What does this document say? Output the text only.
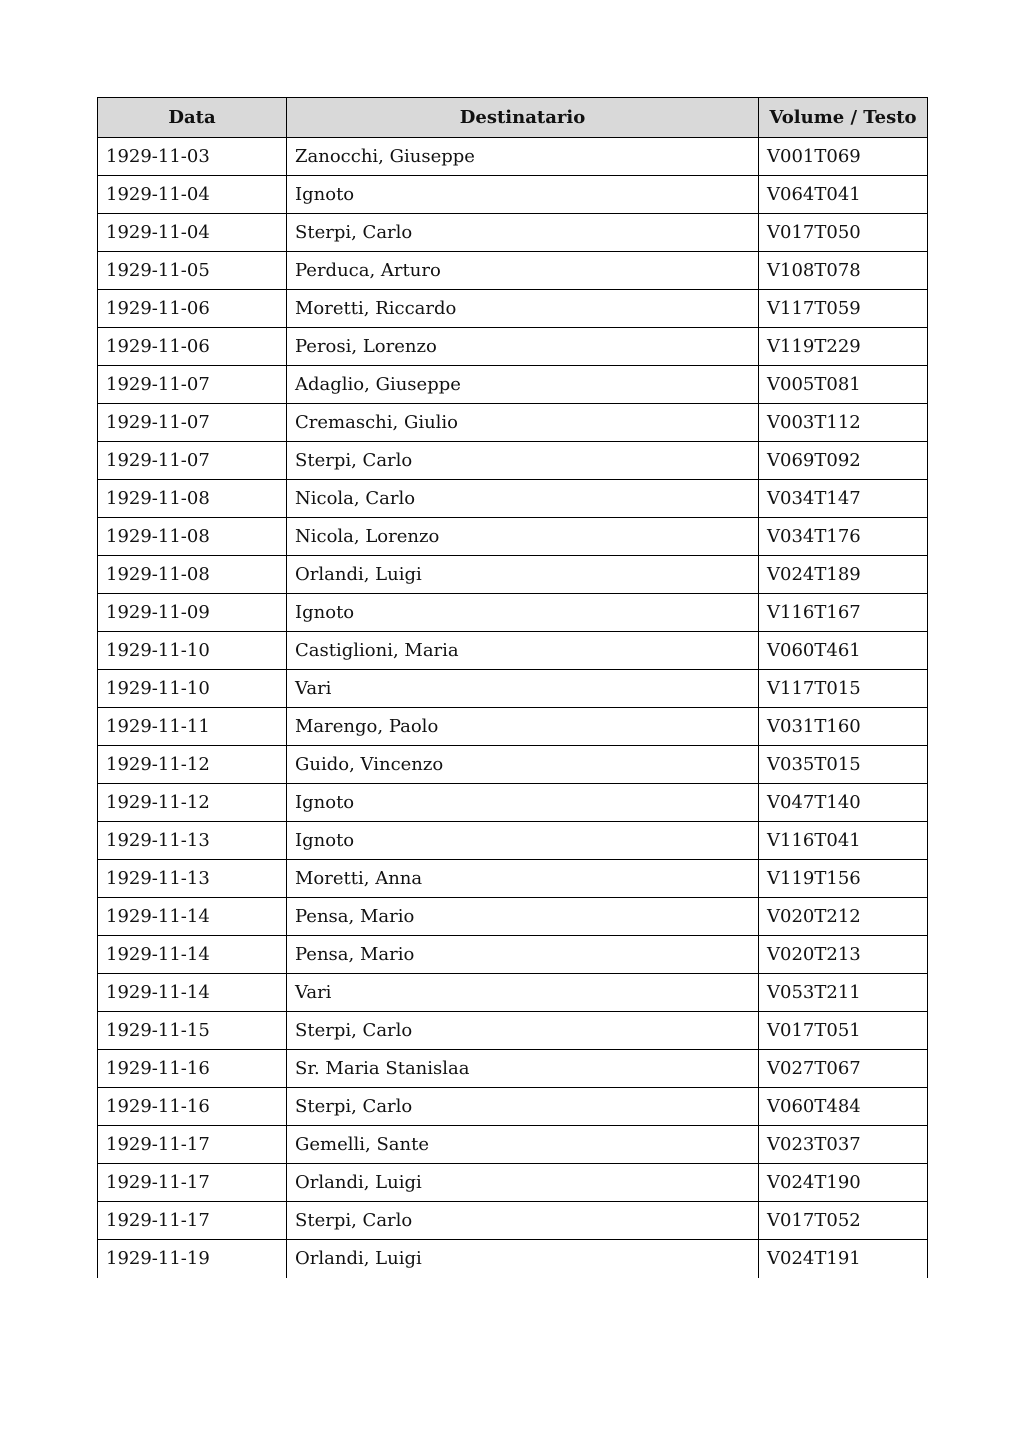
Data	Destinatario	Volume / Testo
1929-11-03	Zanocchi, Giuseppe	V001T069
1929-11-04	Ignoto	V064T041
1929-11-04	Sterpi, Carlo	V017T050
1929-11-05	Perduca, Arturo	V108T078
1929-11-06	Moretti, Riccardo	V117T059
1929-11-06	Perosi, Lorenzo	V119T229
1929-11-07	Adaglio, Giuseppe	V005T081
1929-11-07	Cremaschi, Giulio	V003T112
1929-11-07	Sterpi, Carlo	V069T092
1929-11-08	Nicola, Carlo	V034T147
1929-11-08	Nicola, Lorenzo	V034T176
1929-11-08	Orlandi, Luigi	V024T189
1929-11-09	Ignoto	V116T167
1929-11-10	Castiglioni, Maria	V060T461
1929-11-10	Vari	V117T015
1929-11-11	Marengo, Paolo	V031T160
1929-11-12	Guido, Vincenzo	V035T015
1929-11-12	Ignoto	V047T140
1929-11-13	Ignoto	V116T041
1929-11-13	Moretti, Anna	V119T156
1929-11-14	Pensa, Mario	V020T212
1929-11-14	Pensa, Mario	V020T213
1929-11-14	Vari	V053T211
1929-11-15	Sterpi, Carlo	V017T051
1929-11-16	Sr. Maria Stanislaa	V027T067
1929-11-16	Sterpi, Carlo	V060T484
1929-11-17	Gemelli, Sante	V023T037
1929-11-17	Orlandi, Luigi	V024T190
1929-11-17	Sterpi, Carlo	V017T052
1929-11-19	Orlandi, Luigi	V024T191
